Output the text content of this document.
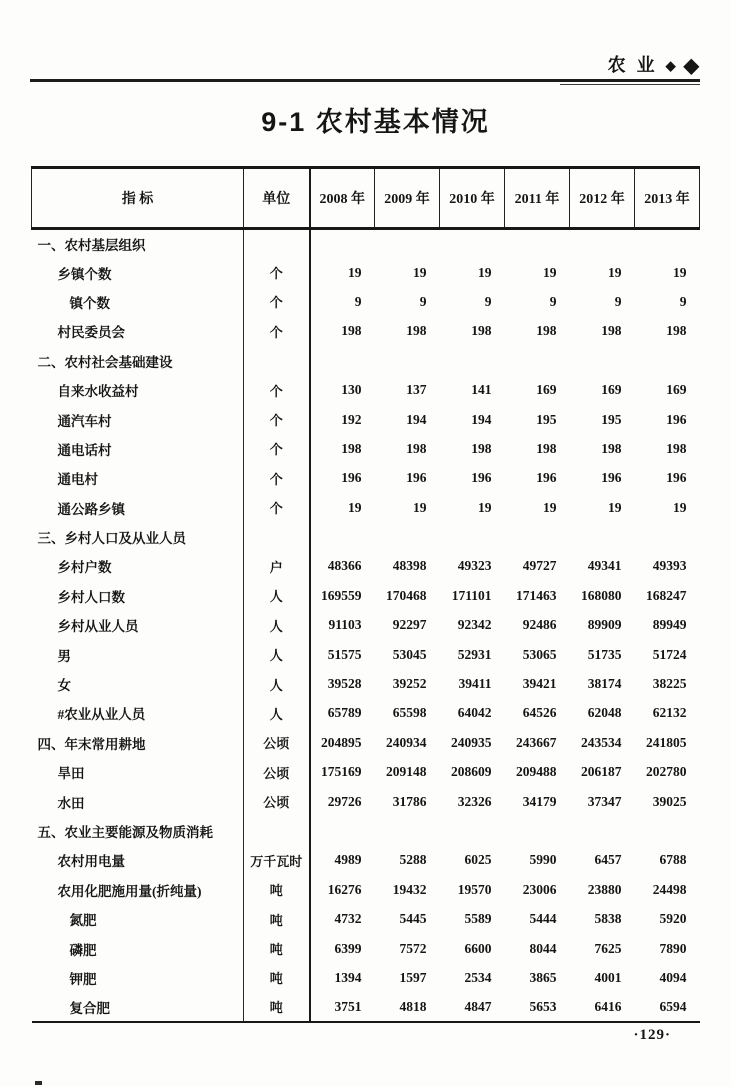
农 业 ◆ ◆
9-1 农村基本情况
指 标	单位	2008 年	2009 年	2010 年	2011 年	2012 年	2013 年
一、农村基层组织							
乡镇个数	个	19	19	19	19	19	19
镇个数	个	9	9	9	9	9	9
村民委员会	个	198	198	198	198	198	198
二、农村社会基础建设							
自来水收益村	个	130	137	141	169	169	169
通汽车村	个	192	194	194	195	195	196
通电话村	个	198	198	198	198	198	198
通电村	个	196	196	196	196	196	196
通公路乡镇	个	19	19	19	19	19	19
三、乡村人口及从业人员							
乡村户数	户	48366	48398	49323	49727	49341	49393
乡村人口数	人	169559	170468	171101	171463	168080	168247
乡村从业人员	人	91103	92297	92342	92486	89909	89949
男	人	51575	53045	52931	53065	51735	51724
女	人	39528	39252	39411	39421	38174	38225
#农业从业人员	人	65789	65598	64042	64526	62048	62132
四、年末常用耕地	公顷	204895	240934	240935	243667	243534	241805
旱田	公顷	175169	209148	208609	209488	206187	202780
水田	公顷	29726	31786	32326	34179	37347	39025
五、农业主要能源及物质消耗							
农村用电量	万千瓦时	4989	5288	6025	5990	6457	6788
农用化肥施用量(折纯量)	吨	16276	19432	19570	23006	23880	24498
氮肥	吨	4732	5445	5589	5444	5838	5920
磷肥	吨	6399	7572	6600	8044	7625	7890
钾肥	吨	1394	1597	2534	3865	4001	4094
复合肥	吨	3751	4818	4847	5653	6416	6594
·129·
